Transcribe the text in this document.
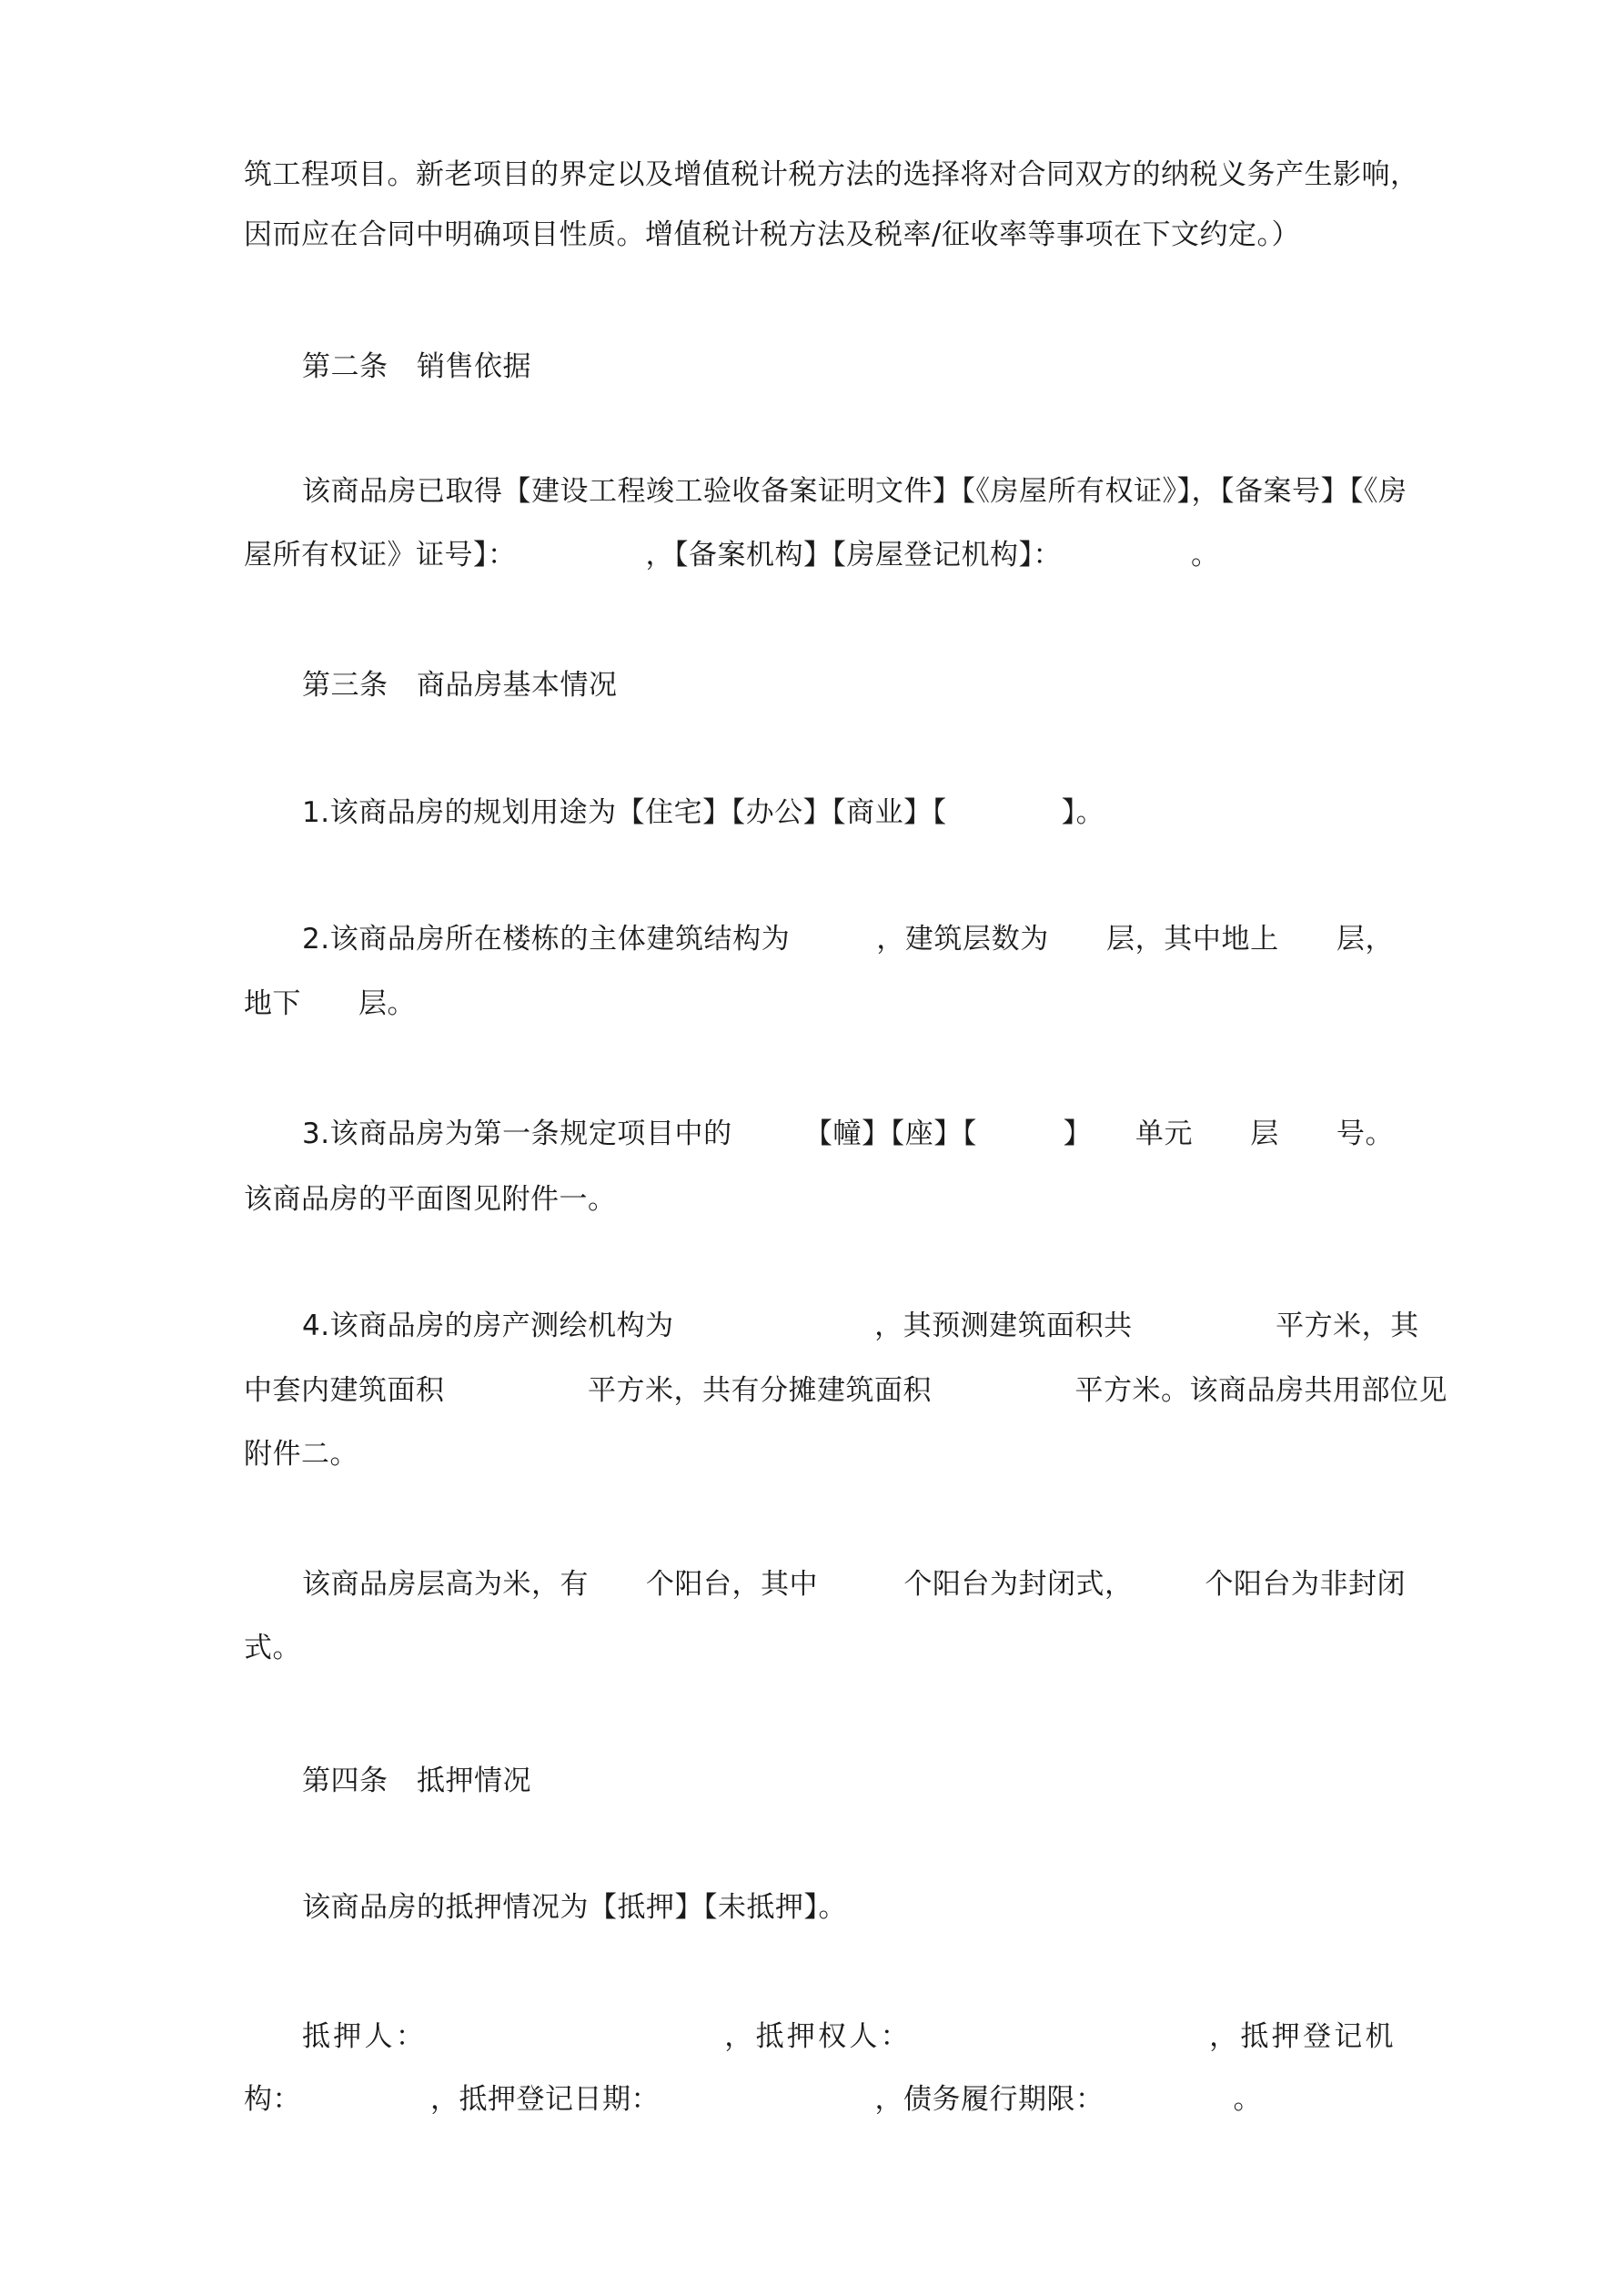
筑工程项目。新老项目的界定以及增值税计税方法的选择将对合同双方的纳税义务产生影响，
因而应在合同中明确项目性质。增值税计税方法及税率/征收率等事项在下文约定。）
第二条　销售依据
该商品房已取得【建设工程竣工验收备案证明文件】【《房屋所有权证》】，【备案号】【《房
屋所有权证》证号】：　　　　　，【备案机构】【房屋登记机构】：　　　　　。
第三条　商品房基本情况
1.该商品房的规划用途为【住宅】【办公】【商业】【　　　　】。
2.该商品房所在楼栋的主体建筑结构为　　　，建筑层数为　　层，其中地上　　层，
地下　　层。
3.该商品房为第一条规定项目中的　　　【幢】【座】【　　　】　　单元　　层　　号。
该商品房的平面图见附件一。
4.该商品房的房产测绘机构为　　　　　　　，其预测建筑面积共　　　　　平方米，其
中套内建筑面积　　　　　平方米，共有分摊建筑面积　　　　　平方米。该商品房共用部位见
附件二。
该商品房层高为米，有　　个阳台，其中　　　个阳台为封闭式，　　　个阳台为非封闭
式。
第四条　抵押情况
该商品房的抵押情况为【抵押】【未抵押】。
抵押人：　　　　　　　　　　，抵押权人：　　　　　　　　　　，抵押登记机
构：　　　　　，抵押登记日期：　　　　　　　　，债务履行期限：　　　　　。
